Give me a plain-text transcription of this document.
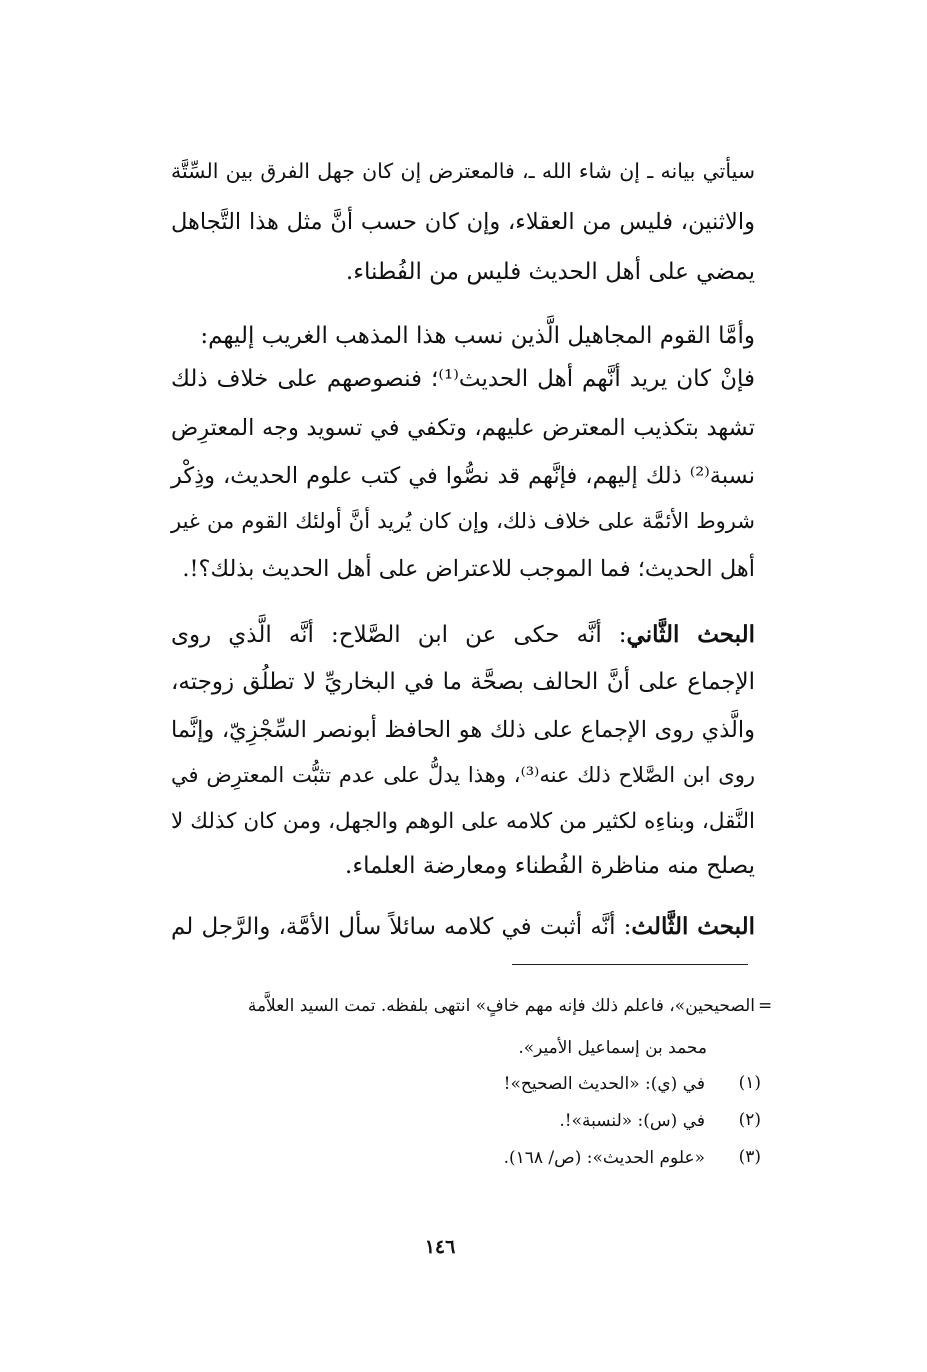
سيأتي بيانه ـ إن شاء الله ـ، فالمعترض إن كان جهل الفرق بين السِّتَّة
والاثنين، فليس من العقلاء، وإن كان حسب أنَّ مثل هذا التَّجاهل
يمضي على أهل الحديث فليس من الفُطناء.
وأمَّا القوم المجاهيل الَّذين نسب هذا المذهب الغريب إليهم:
فإنْ كان يريد أنَّهم أهل الحديث⁽¹⁾؛ فنصوصهم على خلاف ذلك
تشهد بتكذيب المعترض عليهم، وتكفي في تسويد وجه المعترِض
نسبة⁽²⁾ ذلك إليهم، فإنَّهم قد نصُّوا في كتب علوم الحديث، وذِكْر
شروط الأئمَّة على خلاف ذلك، وإن كان يُريد أنَّ أولئك القوم من غير
أهل الحديث؛ فما الموجب للاعتراض على أهل الحديث بذلك؟!.
البحث الثَّاني: أنَّه حكى عن ابن الصَّلاح: أنَّه الَّذي روى
الإجماع على أنَّ الحالف بصحَّة ما في البخاريِّ لا تطلُق زوجته،
والَّذي روى الإجماع على ذلك هو الحافظ أبونصر السِّجْزِيّ، وإنَّما
روى ابن الصَّلاح ذلك عنه⁽³⁾، وهذا يدلُّ على عدم تثبُّت المعترِض في
النَّقل، وبناءِه لكثير من كلامه على الوهم والجهل، ومن كان كذلك لا
يصلح منه مناظرة الفُطناء ومعارضة العلماء.
البحث الثَّالث: أنَّه أثبت في كلامه سائلاً سأل الأمَّة، والرَّجل لم
=
الصحيحين»، فاعلم ذلك فإنه مهم خافٍ» انتهى بلفظه. تمت السيد العلاَّمة
محمد بن إسماعيل الأمير».
(١)
في (ي): «الحديث الصحيح»!
(٢)
في (س): «لنسبة»!.
(٣)
«علوم الحديث»: (ص/ ١٦٨).
١٤٦
